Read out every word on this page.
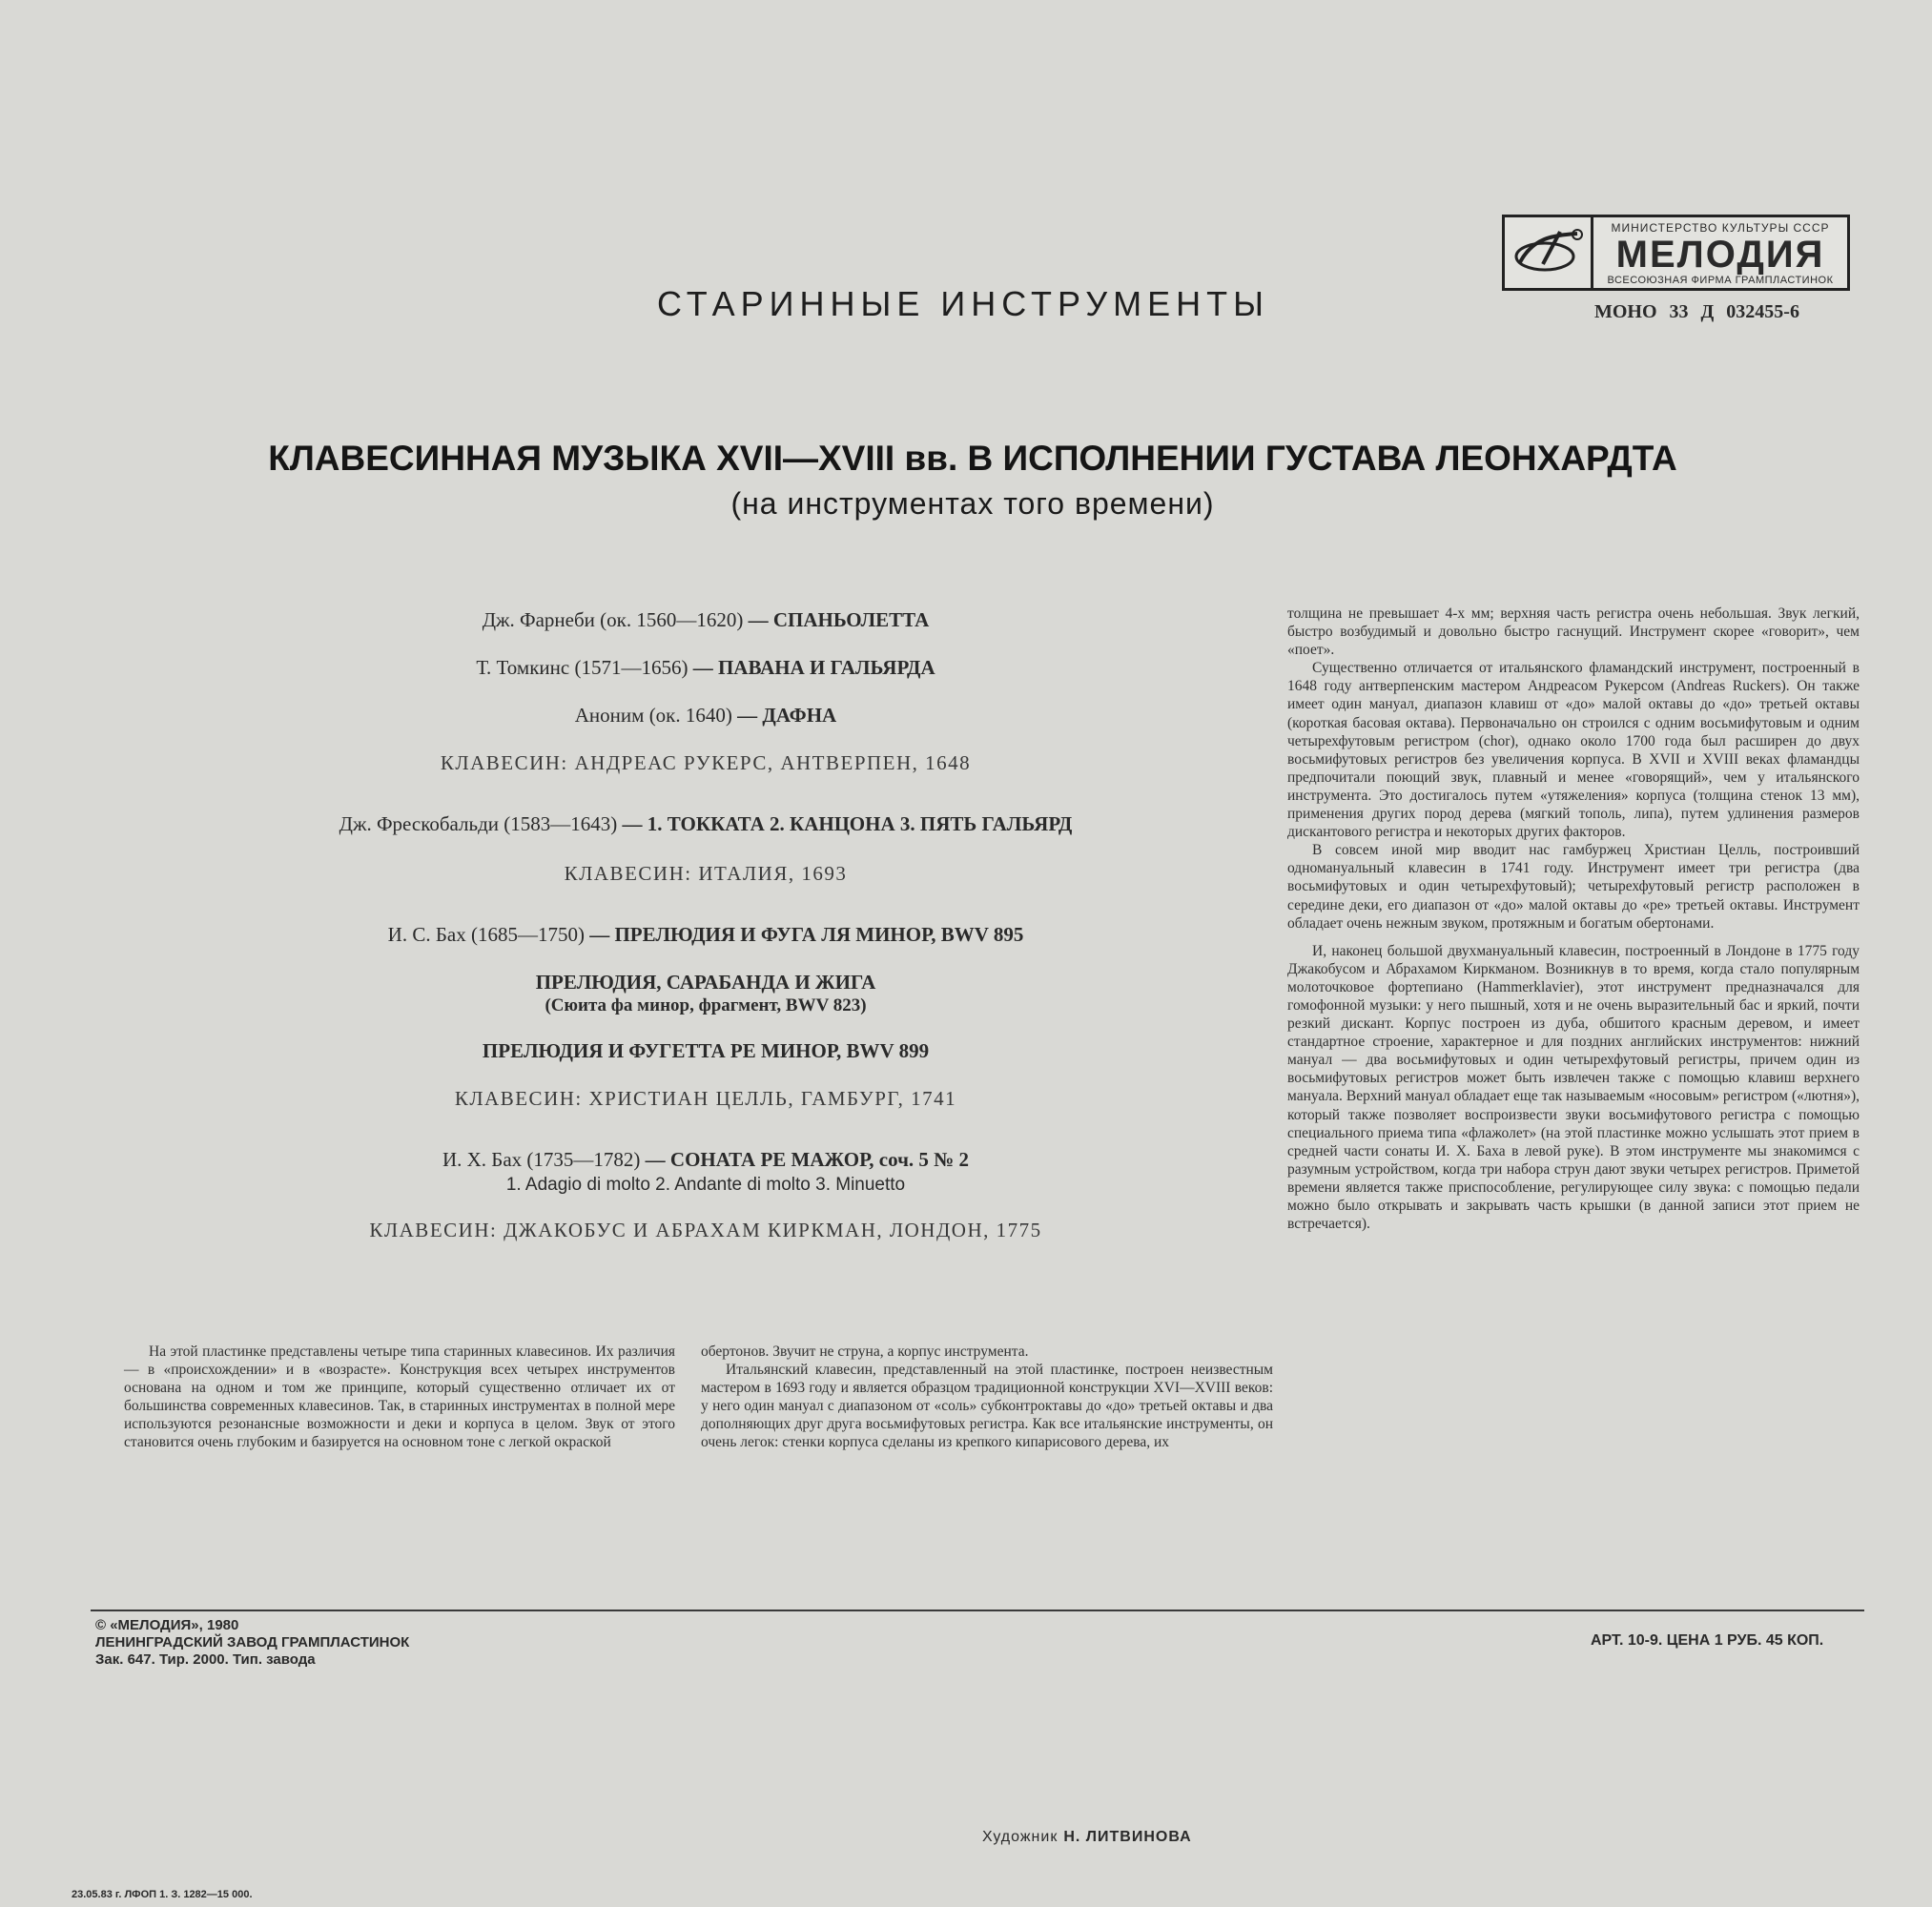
СТАРИННЫЕ ИНСТРУМЕНТЫ
МИНИСТЕРСТВО КУЛЬТУРЫ СССР
МЕЛОДИЯ
ВСЕСОЮЗНАЯ ФИРМА ГРАМПЛАСТИНОК
МОНО 33 Д 032455-6
КЛАВЕСИННАЯ МУЗЫКА XVII—XVIII вв. В ИСПОЛНЕНИИ ГУСТАВА ЛЕОНХАРДТА
(на инструментах того времени)
Дж. Фарнеби (ок. 1560—1620) — СПАНЬОЛЕТТА
Т. Томкинс (1571—1656) — ПАВАНА И ГАЛЬЯРДА
Аноним (ок. 1640) — ДАФНА
КЛАВЕСИН: АНДРЕАС РУКЕРС, АНТВЕРПЕН, 1648
Дж. Фрескобальди (1583—1643) — 1. ТОККАТА 2. КАНЦОНА 3. ПЯТЬ ГАЛЬЯРД
КЛАВЕСИН: ИТАЛИЯ, 1693
И. С. Бах (1685—1750) — ПРЕЛЮДИЯ И ФУГА ЛЯ МИНОР, BWV 895
ПРЕЛЮДИЯ, САРАБАНДА И ЖИГА
(Сюита фа минор, фрагмент, BWV 823)
ПРЕЛЮДИЯ И ФУГЕТТА РЕ МИНОР, BWV 899
КЛАВЕСИН: ХРИСТИАН ЦЕЛЛЬ, ГАМБУРГ, 1741
И. Х. Бах (1735—1782) — СОНАТА РЕ МАЖОР, соч. 5 № 2
1. Adagio di molto 2. Andante di molto 3. Minuetto
КЛАВЕСИН: ДЖАКОБУС И АБРАХАМ КИРКМАН, ЛОНДОН, 1775

На этой пластинке представлены четыре типа старинных клавесинов. Их различия — в «происхождении» и в «возрасте». Конструкция всех четырех инструментов основана на одном и том же принципе, который существенно отличает их от большинства современных клавесинов. Так, в старинных инструментах в полной мере используются резонансные возможности и деки и корпуса в целом. Звук от этого становится очень глубоким и базируется на основном тоне с легкой окраской

обертонов. Звучит не струна, а корпус инструмента.

Итальянский клавесин, представленный на этой пластинке, построен неизвестным мастером в 1693 году и является образцом традиционной конструкции XVI—XVIII веков: у него один мануал с диапазоном от «соль» субконтроктавы до «до» третьей октавы и два дополняющих друг друга восьмифутовых регистра. Как все итальянские инструменты, он очень легок: стенки корпуса сделаны из крепкого кипарисового дерева, их

толщина не превышает 4-х мм; верхняя часть регистра очень небольшая. Звук легкий, быстро возбудимый и довольно быстро гаснущий. Инструмент скорее «говорит», чем «поет».

Существенно отличается от итальянского фламандский инструмент, построенный в 1648 году антверпенским мастером Андреасом Рукерсом (Andreas Ruckers). Он также имеет один мануал, диапазон клавиш от «до» малой октавы до «до» третьей октавы (короткая басовая октава). Первоначально он строился с одним восьмифутовым и одним четырехфутовым регистром (chor), однако около 1700 года был расширен до двух восьмифутовых регистров без увеличения корпуса. В XVII и XVIII веках фламандцы предпочитали поющий звук, плавный и менее «говорящий», чем у итальянского инструмента. Это достигалось путем «утяжеления» корпуса (толщина стенок 13 мм), применения других пород дерева (мягкий тополь, липа), путем удлинения размеров дискантового регистра и некоторых других факторов.

В совсем иной мир вводит нас гамбуржец Христиан Целль, построивший одномануальный клавесин в 1741 году. Инструмент имеет три регистра (два восьмифутовых и один четырехфутовый); четырехфутовый регистр расположен в середине деки, его диапазон от «до» малой октавы до «ре» третьей октавы. Инструмент обладает очень нежным звуком, протяжным и богатым обертонами.

И, наконец большой двухмануальный клавесин, построенный в Лондоне в 1775 году Джакобусом и Абрахамом Киркманом. Возникнув в то время, когда стало популярным молоточковое фортепиано (Hammerklavier), этот инструмент предназначался для гомофонной музыки: у него пышный, хотя и не очень выразительный бас и яркий, почти резкий дискант. Корпус построен из дуба, обшитого красным деревом, и имеет стандартное строение, характерное и для поздних английских инструментов: нижний мануал — два восьмифутовых и один четырехфутовый регистры, причем один из восьмифутовых регистров может быть извлечен также с помощью клавиш верхнего мануала. Верхний мануал обладает еще так называемым «носовым» регистром («лютня»), который также позволяет воспроизвести звуки восьмифутового регистра с помощью специального приема типа «флажолет» (на этой пластинке можно услышать этот прием в средней части сонаты И. Х. Баха в левой руке). В этом инструменте мы знакомимся с разумным устройством, когда три набора струн дают звуки четырех регистров. Приметой времени является также приспособление, регулирующее силу звука: с помощью педали можно было открывать и закрывать часть крышки (в данной записи этот прием не встречается).

© «МЕЛОДИЯ», 1980
ЛЕНИНГРАДСКИЙ ЗАВОД ГРАМПЛАСТИНОК
Зак. 647. Тир. 2000. Тип. завода
АРТ. 10-9. ЦЕНА 1 РУБ. 45 КОП.
Художник Н. ЛИТВИНОВА
23.05.83 г. ЛФОП 1. З. 1282—15 000.
